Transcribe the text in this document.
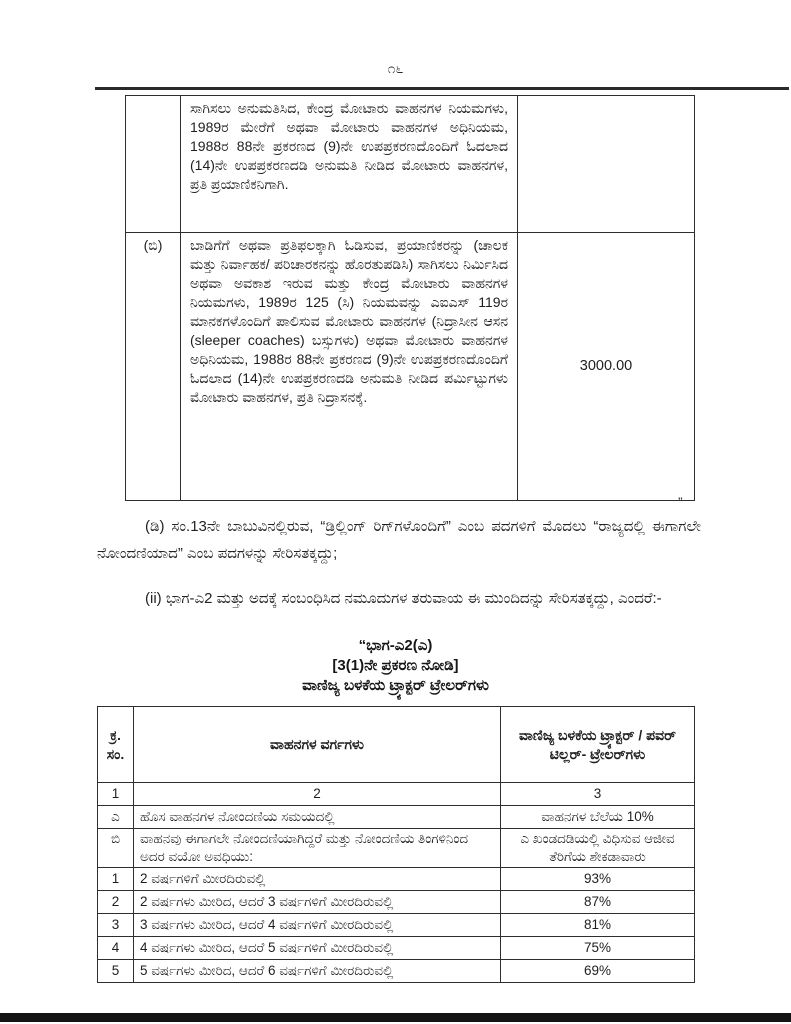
೧೬
	ಸಾಗಿಸಲು ಅನುಮತಿಸಿದ, ಕೇಂದ್ರ ಮೋಟಾರು ವಾಹನಗಳ ನಿಯಮಗಳು, 1989ರ ಮೇರೆಗೆ ಅಥವಾ ಮೋಟಾರು ವಾಹನಗಳ ಅಧಿನಿಯಮ, 1988ರ 88ನೇ ಪ್ರಕರಣದ (9)ನೇ ಉಪಪ್ರಕರಣದೊಂದಿಗೆ ಓದಲಾದ (14)ನೇ ಉಪಪ್ರಕರಣದಡಿ ಅನುಮತಿ ನೀಡಿದ ಮೋಟಾರು ವಾಹನಗಳ, ಪ್ರತಿ ಪ್ರಯಾಣಿಕನಿಗಾಗಿ.	
(ಬಿ)	ಬಾಡಿಗೆಗೆ ಅಥವಾ ಪ್ರತಿಫಲಕ್ಕಾಗಿ ಓಡಿಸುವ, ಪ್ರಯಾಣಿಕರನ್ನು (ಚಾಲಕ ಮತ್ತು ನಿರ್ವಾಹಕ/ ಪರಿಚಾರಕನನ್ನು ಹೊರತುಪಡಿಸಿ) ಸಾಗಿಸಲು ನಿರ್ಮಿಸಿದ ಅಥವಾ ಅವಕಾಶ ಇರುವ ಮತ್ತು ಕೇಂದ್ರ ಮೋಟಾರು ವಾಹನಗಳ ನಿಯಮಗಳು, 1989ರ 125 (ಸಿ) ನಿಯಮವನ್ನು ಎಐಎಸ್ 119ರ ಮಾನಕಗಳೊಂದಿಗೆ ಪಾಲಿಸುವ ಮೋಟಾರು ವಾಹನಗಳ (ನಿದ್ರಾಸೀನ ಆಸನ (sleeper coaches) ಬಸ್ಸುಗಳು) ಅಥವಾ ಮೋಟಾರು ವಾಹನಗಳ ಅಧಿನಿಯಮ, 1988ರ 88ನೇ ಪ್ರಕರಣದ (9)ನೇ ಉಪಪ್ರಕರಣದೊಂದಿಗೆ ಓದಲಾದ (14)ನೇ ಉಪಪ್ರಕರಣದಡಿ ಅನುಮತಿ ನೀಡಿದ ಪರ್ಮಿಟ್ಟುಗಳು ಮೋಟಾರು ವಾಹನಗಳ, ಪ್ರತಿ ನಿದ್ರಾಸನಕ್ಕೆ.	3000.00
”
(ಡಿ) ಸಂ.13ನೇ ಬಾಬುವಿನಲ್ಲಿರುವ, “ಡ್ರಿಲ್ಲಿಂಗ್ ರಿಗ್‌ಗಳೊಂದಿಗೆ” ಎಂಬ ಪದಗಳಿಗೆ ಮೊದಲು “ರಾಜ್ಯದಲ್ಲಿ ಈಗಾಗಲೇ ನೋಂದಣಿಯಾದ” ಎಂಬ ಪದಗಳನ್ನು ಸೇರಿಸತಕ್ಕದ್ದು;
(ii) ಭಾಗ-ಎ2 ಮತ್ತು ಅದಕ್ಕೆ ಸಂಬಂಧಿಸಿದ ನಮೂದುಗಳ ತರುವಾಯ ಈ ಮುಂದಿದನ್ನು ಸೇರಿಸತಕ್ಕದ್ದು, ಎಂದರೆ:-
“ಭಾಗ-ಎ2(ಎ)
[3(1)ನೇ ಪ್ರಕರಣ ನೋಡಿ]
ವಾಣಿಜ್ಯ ಬಳಕೆಯ ಟ್ರ್ಯಾಕ್ಟರ್ ಟ್ರೇಲರ್‌ಗಳು
ಕ್ರ. ಸಂ.	ವಾಹನಗಳ ವರ್ಗಗಳು	ವಾಣಿಜ್ಯ ಬಳಕೆಯ ಟ್ರ್ಯಾಕ್ಟರ್ / ಪವರ್ ಟಿಲ್ಲರ್- ಟ್ರೇಲರ್‌ಗಳು
1	2	3
ಎ	ಹೊಸ ವಾಹನಗಳ ನೋಂದಣಿಯ ಸಮಯದಲ್ಲಿ	ವಾಹನಗಳ ಬೆಲೆಯ 10%
ಬಿ	ವಾಹನವು ಈಗಾಗಲೇ ನೋಂದಣಿಯಾಗಿದ್ದರೆ ಮತ್ತು ನೋಂದಣಿಯ ತಿಂಗಳಿನಿಂದ ಅದರ ವಯೋ ಅವಧಿಯು:	ಎ ಖಂಡದಡಿಯಲ್ಲಿ ವಿಧಿಸುವ ಆಜೀವ ತೆರಿಗೆಯ ಶೇಕಡಾವಾರು
1	2 ವರ್ಷಗಳಿಗೆ ಮೀರದಿರುವಲ್ಲಿ	93%
2	2 ವರ್ಷಗಳು ಮೀರಿದ, ಆದರೆ 3 ವರ್ಷಗಳಿಗೆ ಮೀರದಿರುವಲ್ಲಿ	87%
3	3 ವರ್ಷಗಳು ಮೀರಿದ, ಆದರೆ 4 ವರ್ಷಗಳಿಗೆ ಮೀರದಿರುವಲ್ಲಿ	81%
4	4 ವರ್ಷಗಳು ಮೀರಿದ, ಆದರೆ 5 ವರ್ಷಗಳಿಗೆ ಮೀರದಿರುವಲ್ಲಿ	75%
5	5 ವರ್ಷಗಳು ಮೀರಿದ, ಆದರೆ 6 ವರ್ಷಗಳಿಗೆ ಮೀರದಿರುವಲ್ಲಿ	69%
